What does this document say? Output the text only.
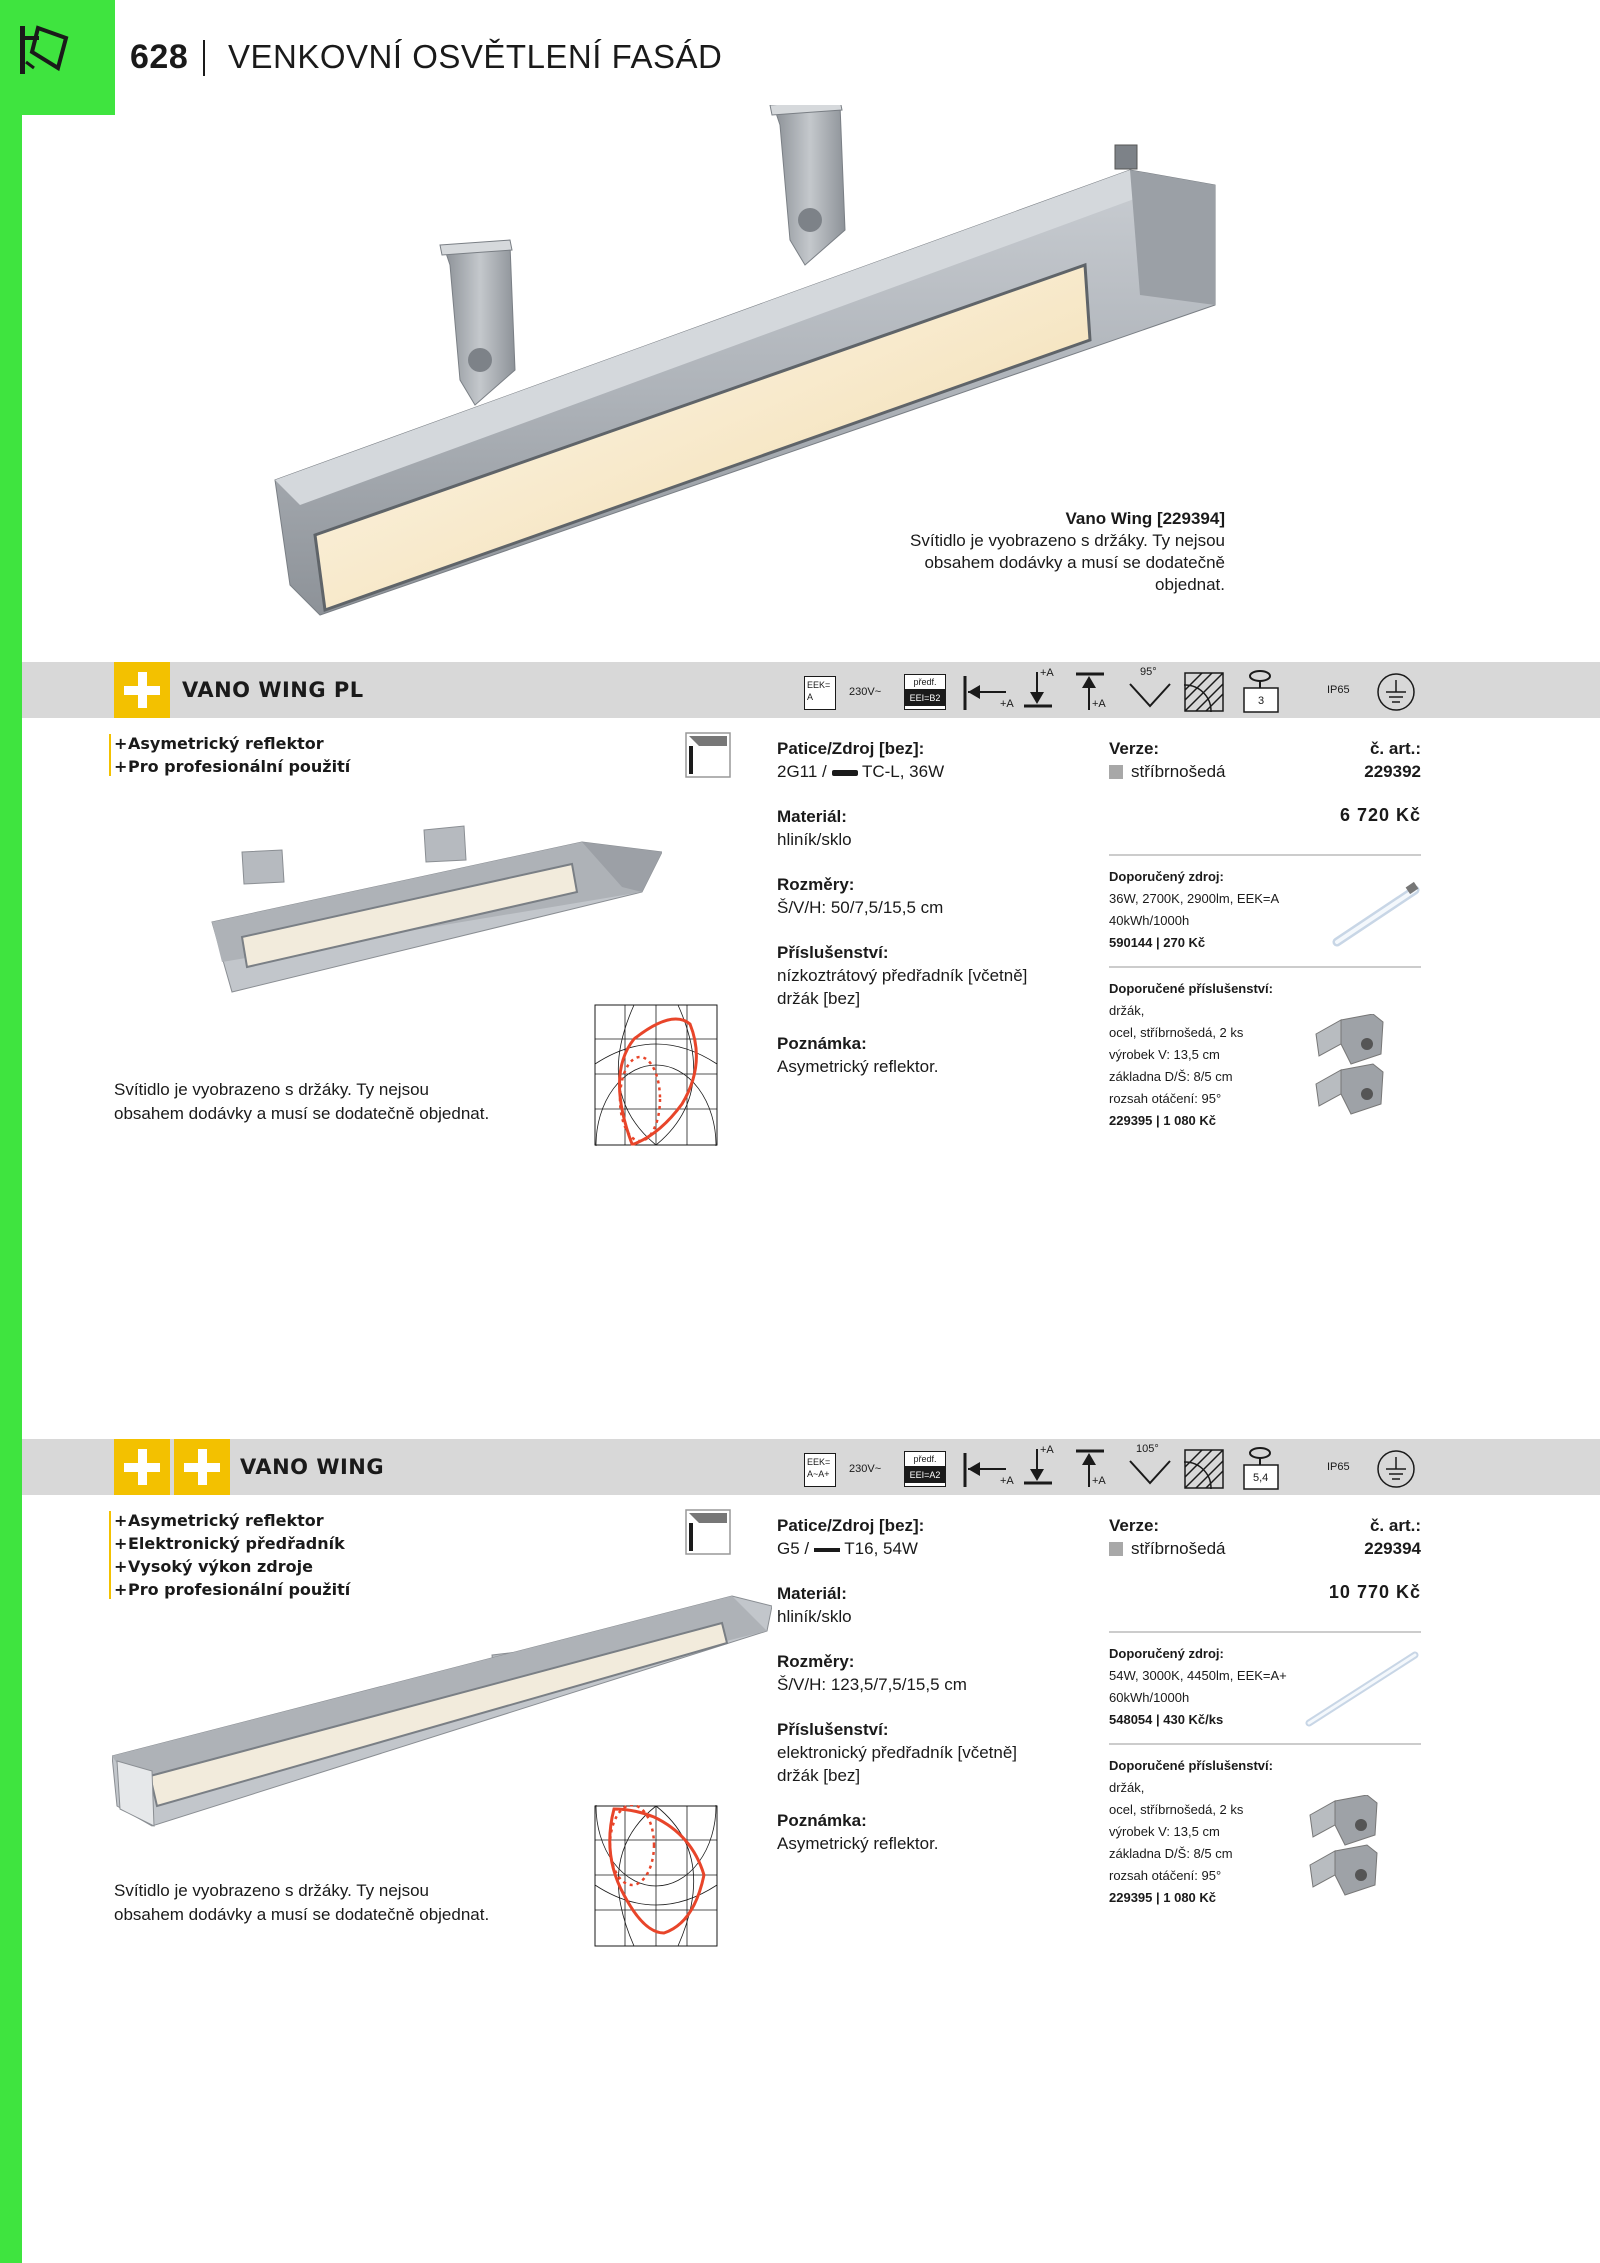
628 VENKOVNÍ OSVĚTLENÍ FASÁD
Vano Wing [229394]
Svítidlo je vyobrazeno s držáky. Ty nejsou obsahem dodávky a musí se dodatečně objednat.
VANO WING PL	EEK=
A	230V~
předf.
EEI=B2	+A
+A
+A
95°
3
IP65
+ Asymetrický reflektor
+ Pro profesionální použití
Svítidlo je vyobrazeno s držáky. Ty nejsou obsahem dodávky a musí se dodatečně objednat.
Patice/Zdroj [bez]:
2G11 / TC-L, 36W
Materiál:
hliník/sklo
Rozměry:
Š/V/H: 50/7,5/15,5 cm
Příslušenství:
nízkoztrátový předřadník [včetně]
držák [bez]
Poznámka:
Asymetrický reflektor.
Verze:	č. art.:
stříbrnošedá	229392
6 720 Kč
Doporučený zdroj:
36W, 2700K, 2900lm, EEK=A
40kWh/1000h
590144 | 270 Kč
Doporučené příslušenství:
držák,
ocel, stříbrnošedá, 2 ks
výrobek V: 13,5 cm
základna D/Š: 8/5 cm
rozsah otáčení: 95°
229395 | 1 080 Kč
VANO WING	EEK=
A~A+	230V~
předf.
EEI=A2	+A
+A
+A
105°
5,4
IP65
+ Asymetrický reflektor
+ Elektronický předřadník
+ Vysoký výkon zdroje
+ Pro profesionální použití
Svítidlo je vyobrazeno s držáky. Ty nejsou obsahem dodávky a musí se dodatečně objednat.
Patice/Zdroj [bez]:
G5 / T16, 54W
Materiál:
hliník/sklo
Rozměry:
Š/V/H: 123,5/7,5/15,5 cm
Příslušenství:
elektronický předřadník [včetně]
držák [bez]
Poznámka:
Asymetrický reflektor.
Verze:	č. art.:
stříbrnošedá	229394
10 770 Kč
Doporučený zdroj:
54W, 3000K, 4450lm, EEK=A+
60kWh/1000h
548054 | 430 Kč/ks
Doporučené příslušenství:
držák,
ocel, stříbrnošedá, 2 ks
výrobek V: 13,5 cm
základna D/Š: 8/5 cm
rozsah otáčení: 95°
229395 | 1 080 Kč
